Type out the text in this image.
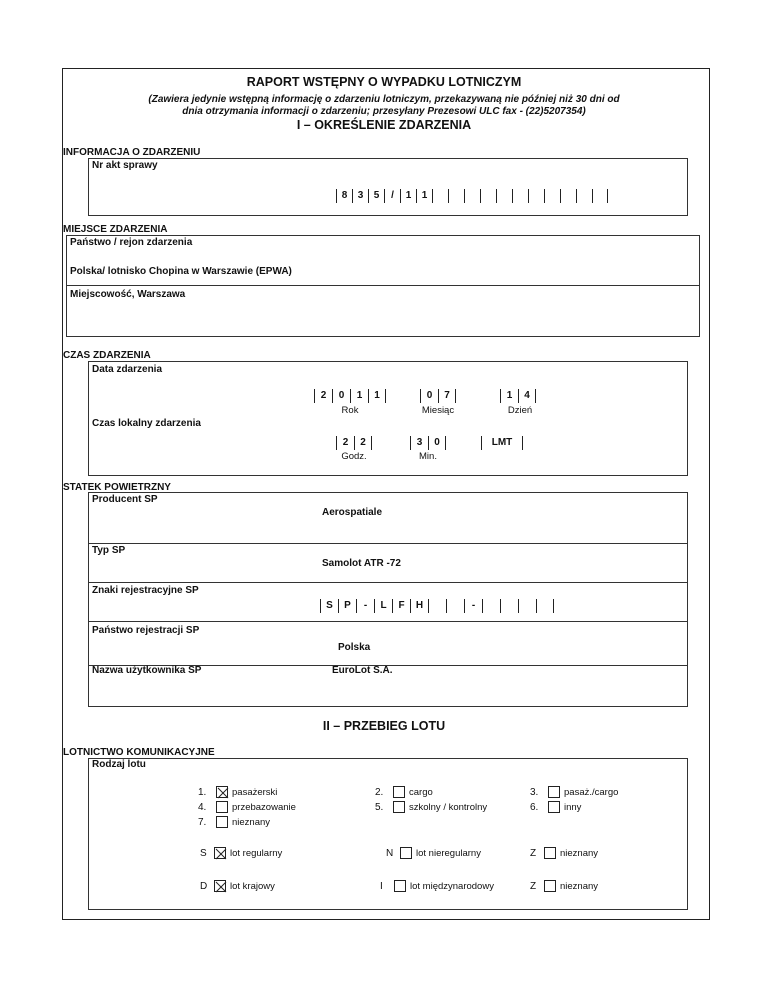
RAPORT WSTĘPNY O WYPADKU LOTNICZYM
(Zawiera jedynie wstępną informację o zdarzeniu lotniczym, przekazywaną nie później niż 30 dni od
dnia otrzymania informacji o zdarzeniu; przesyłany Prezesowi ULC fax - (22)5207354)
I – OKREŚLENIE ZDARZENIA
INFORMACJA O ZDARZENIU
Nr akt sprawy
8	3	5	/	1	1
MIEJSCE ZDARZENIA
Państwo / rejon zdarzenia
Polska/ lotnisko Chopina w Warszawie (EPWA)
Miejscowość, Warszawa
CZAS ZDARZENIA
Data zdarzenia
2	0	1	1	0	7	1	4
Rok	Miesiąc	Dzień
Czas lokalny zdarzenia
2	2	3	0	LMT
Godz.	Min.
STATEK POWIETRZNY
Producent SP
Aerospatiale
Typ SP
Samolot ATR -72
Znaki rejestracyjne SP
S	P	-	L	F	H	-
Państwo rejestracji SP
Polska
Nazwa użytkownika SP	EuroLot S.A.
II – PRZEBIEG LOTU
LOTNICTWO KOMUNIKACYJNE
Rodzaj lotu
1.	pasażerski	2.	cargo	3.	pasaż./cargo
4.	przebazowanie	5.	szkolny / kontrolny	6.	inny
7.	nieznany
S lot regularny	N lot nieregularny	Z	nieznany
D lot krajowy	I	lot międzynarodowy	Z	nieznany
